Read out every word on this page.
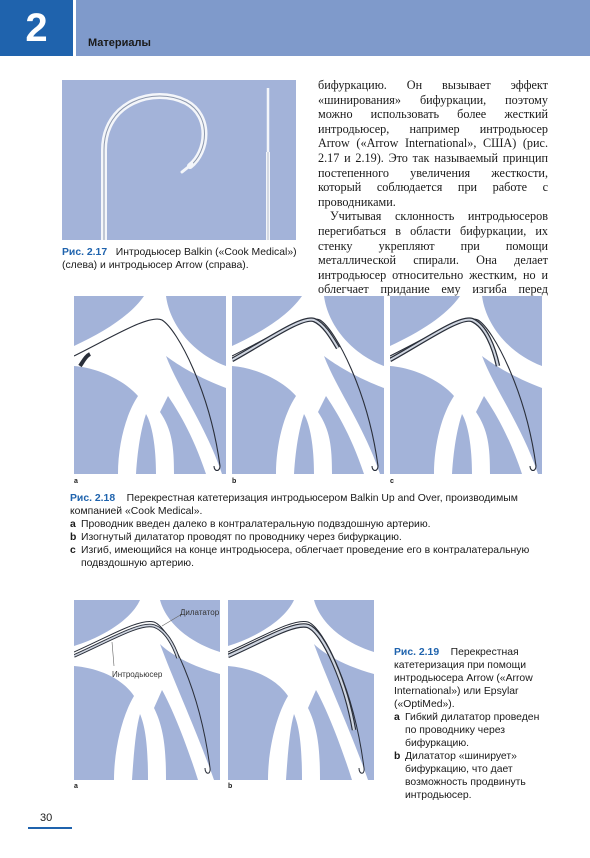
2	Материалы
Рис. 2.17 Интродьюсер Balkin («Cook Medical») (слева) и интродьюсер Arrow (справа).

бифуркацию. Он вызывает эффект «шинирования» бифуркации, поэтому можно использовать более жесткий интродьюсер, например интродьюсер Arrow («Arrow International», США) (рис. 2.17 и 2.19). Это так называемый принцип постепенного увеличения жесткости, который соблюдается при работе с проводниками.

Учитывая склонность интродьюсеров перегибаться в области бифуркации, их стенку укрепляют при помощи металлической спирали. Она делает интродьюсер относительно жестким, но и облегчает придание ему изгиба перед

a	b	c
Рис. 2.18 Перекрестная катетеризация интродьюсером Balkin Up and Over, производимым компанией «Cook Medical».
a Проводник введен далеко в контралатеральную подвздошную артерию.
b Изогнутый дилататор проводят по проводнику через бифуркацию.
c Изгиб, имеющийся на конце интродьюсера, облегчает проведение его в контралатеральную подвздошную артерию.
Дилататор
Интродьюсер
a	b
Рис. 2.19 Перекрестная катетеризация при помощи интродьюсера Arrow («Arrow International») или Epsylar («OptiMed»).
a Гибкий дилататор проведен по проводнику через бифуркацию.
b Дилататор «шинирует» бифуркацию, что дает возможность продвинуть интродьюсер.
30
